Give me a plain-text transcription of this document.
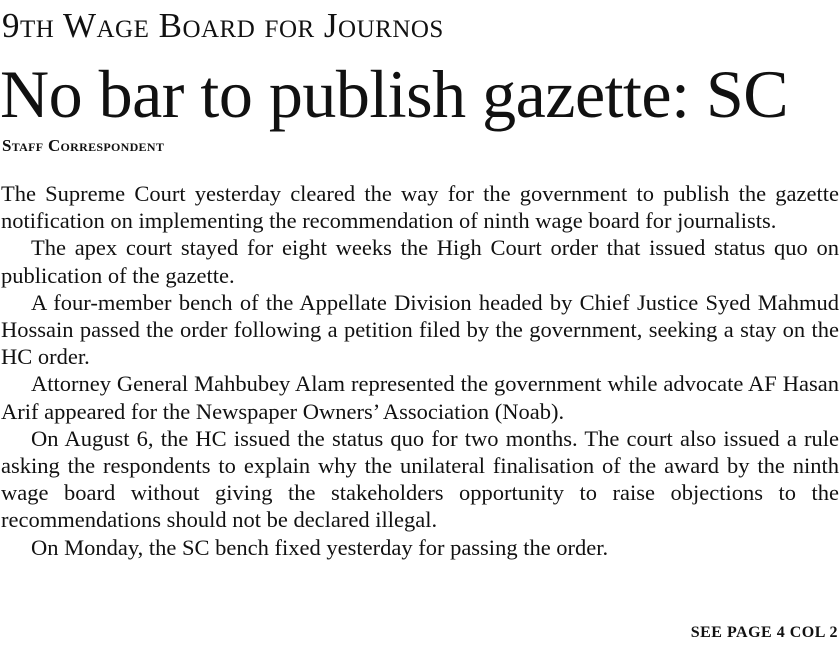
9th Wage Board for Journos
No bar to publish gazette: SC
Staff Correspondent

The Supreme Court yesterday cleared the way for the government to publish the gazette notification on implementing the recommendation of ninth wage board for journalists.

The apex court stayed for eight weeks the High Court order that issued status quo on publication of the gazette.

A four-member bench of the Appellate Division headed by Chief Justice Syed Mahmud Hossain passed the order following a petition filed by the government, seeking a stay on the HC order.

Attorney General Mahbubey Alam represented the government while advocate AF Hasan Arif appeared for the Newspaper Owners’ Association (Noab).

On August 6, the HC issued the status quo for two months. The court also issued a rule asking the respondents to explain why the unilateral finalisation of the award by the ninth wage board without giving the stakeholders opportunity to raise objections to the recommendations should not be declared illegal.

On Monday, the SC bench fixed yesterday for passing the order.

SEE PAGE 4 COL 2
